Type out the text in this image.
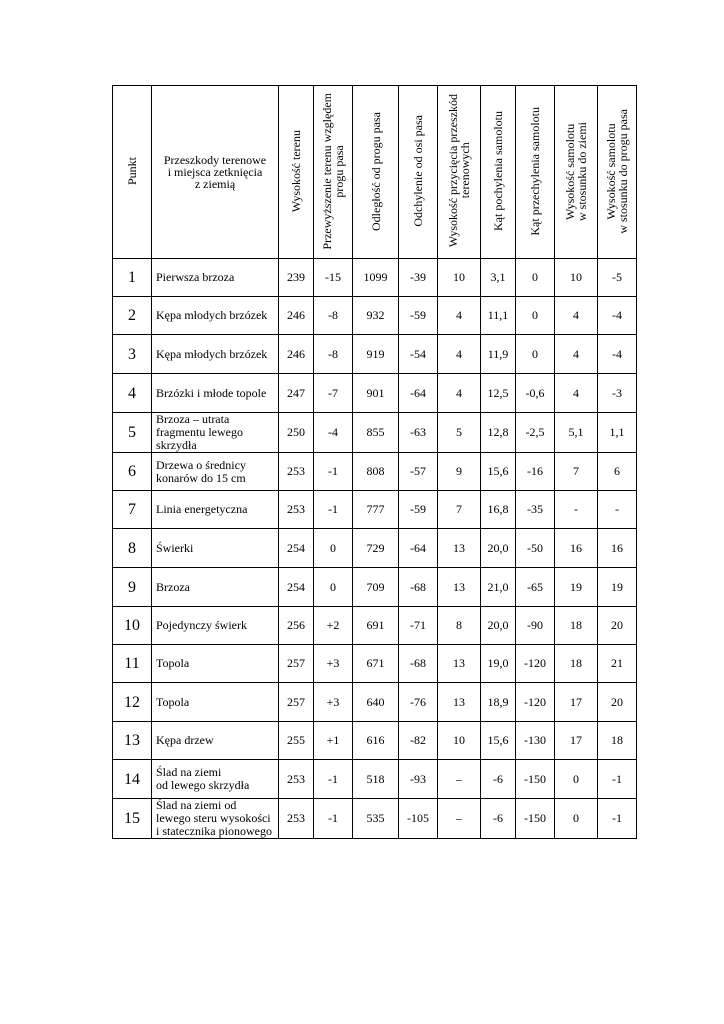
Punkt	Przeszkody terenowe
i miejsca zetknięcia
z ziemią	Wysokość terenu	Przewyższenie terenu względem
progu pasa	Odległość od progu pasa	Odchylenie od osi pasa	Wysokość przycięcia przeszkód
terenowych	Kąt pochylenia samolotu	Kąt przechylenia samolotu	Wysokość samolotu
w stosunku do ziemi	Wysokość samolotu
w stosunku do progu pasa
1	Pierwsza brzoza	239	-15	1099	-39	10	3,1	0	10	-5
2	Kępa młodych brzózek	246	-8	932	-59	4	11,1	0	4	-4
3	Kępa młodych brzózek	246	-8	919	-54	4	11,9	0	4	-4
4	Brzózki i młode topole	247	-7	901	-64	4	12,5	-0,6	4	-3
5	Brzoza – utrata
fragmentu lewego
skrzydła	250	-4	855	-63	5	12,8	-2,5	5,1	1,1
6	Drzewa o średnicy
konarów do 15 cm	253	-1	808	-57	9	15,6	-16	7	6
7	Linia energetyczna	253	-1	777	-59	7	16,8	-35	-	-
8	Świerki	254	0	729	-64	13	20,0	-50	16	16
9	Brzoza	254	0	709	-68	13	21,0	-65	19	19
10	Pojedynczy świerk	256	+2	691	-71	8	20,0	-90	18	20
11	Topola	257	+3	671	-68	13	19,0	-120	18	21
12	Topola	257	+3	640	-76	13	18,9	-120	17	20
13	Kępa drzew	255	+1	616	-82	10	15,6	-130	17	18
14	Ślad na ziemi
od lewego skrzydła	253	-1	518	-93	–	-6	-150	0	-1
15	Ślad na ziemi od
lewego steru wysokości
i statecznika pionowego	253	-1	535	-105	–	-6	-150	0	-1
